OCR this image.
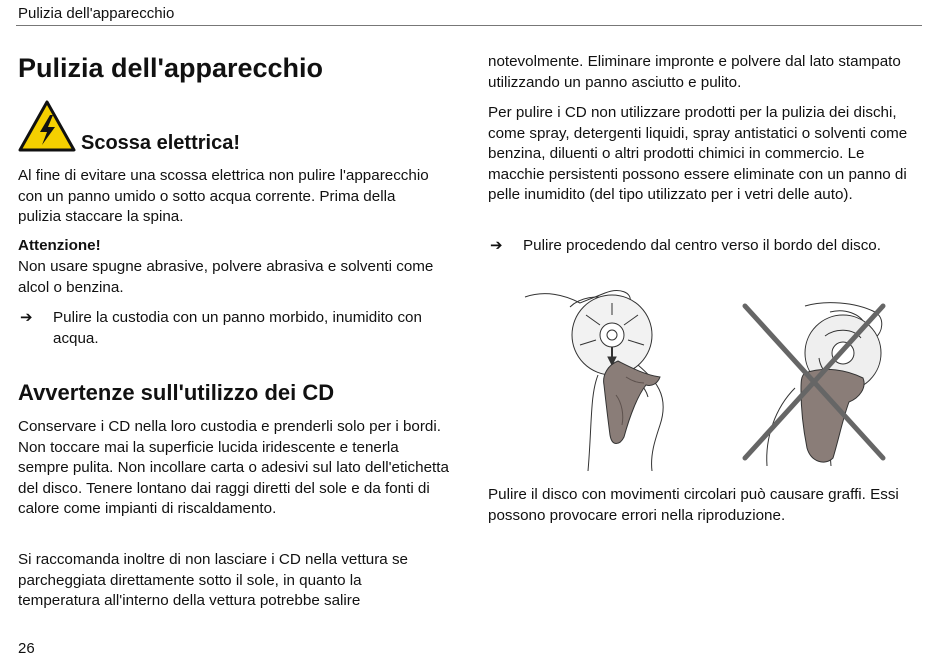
Pulizia dell'apparecchio
Pulizia dell'apparecchio
Scossa elettrica!

Al fine di evitare una scossa elettrica non pulire l'apparecchio con un panno umido o sotto acqua corrente. Prima della pulizia staccare la spina.

Attenzione!

Non usare spugne abrasive, polvere abrasiva e solventi come alcol o benzina.

➔ Pulire la custodia con un panno morbido, inumidito con acqua.

Avvertenze sull'utilizzo dei CD

Conservare i CD nella loro custodia e prenderli solo per i bordi. Non toccare mai la superficie lucida iridescente e tenerla sempre pulita. Non incollare carta o adesivi sul lato dell'etichetta del disco. Tenere lontano dai raggi diretti del sole e da fonti di calore come impianti di riscaldamento.

Si raccomanda inoltre di non lasciare i CD nella vettura se parcheggiata direttamente sotto il sole, in quanto la temperatura all'interno della vettura potrebbe salire

26

notevolmente. Eliminare impronte e polvere dal lato stampato utilizzando un panno asciutto e pulito.

Per pulire i CD non utilizzare prodotti per la pulizia dei dischi, come spray, detergenti liquidi, spray antistatici o solventi come benzina, diluenti o altri prodotti chimici in commercio. Le macchie persistenti possono essere eliminate con un panno di pelle inumidito (del tipo utilizzato per i vetri delle auto).

➔ Pulire procedendo dal centro verso il bordo del disco.

Pulire il disco con movimenti circolari può causare graffi. Essi possono provocare errori nella riproduzione.
